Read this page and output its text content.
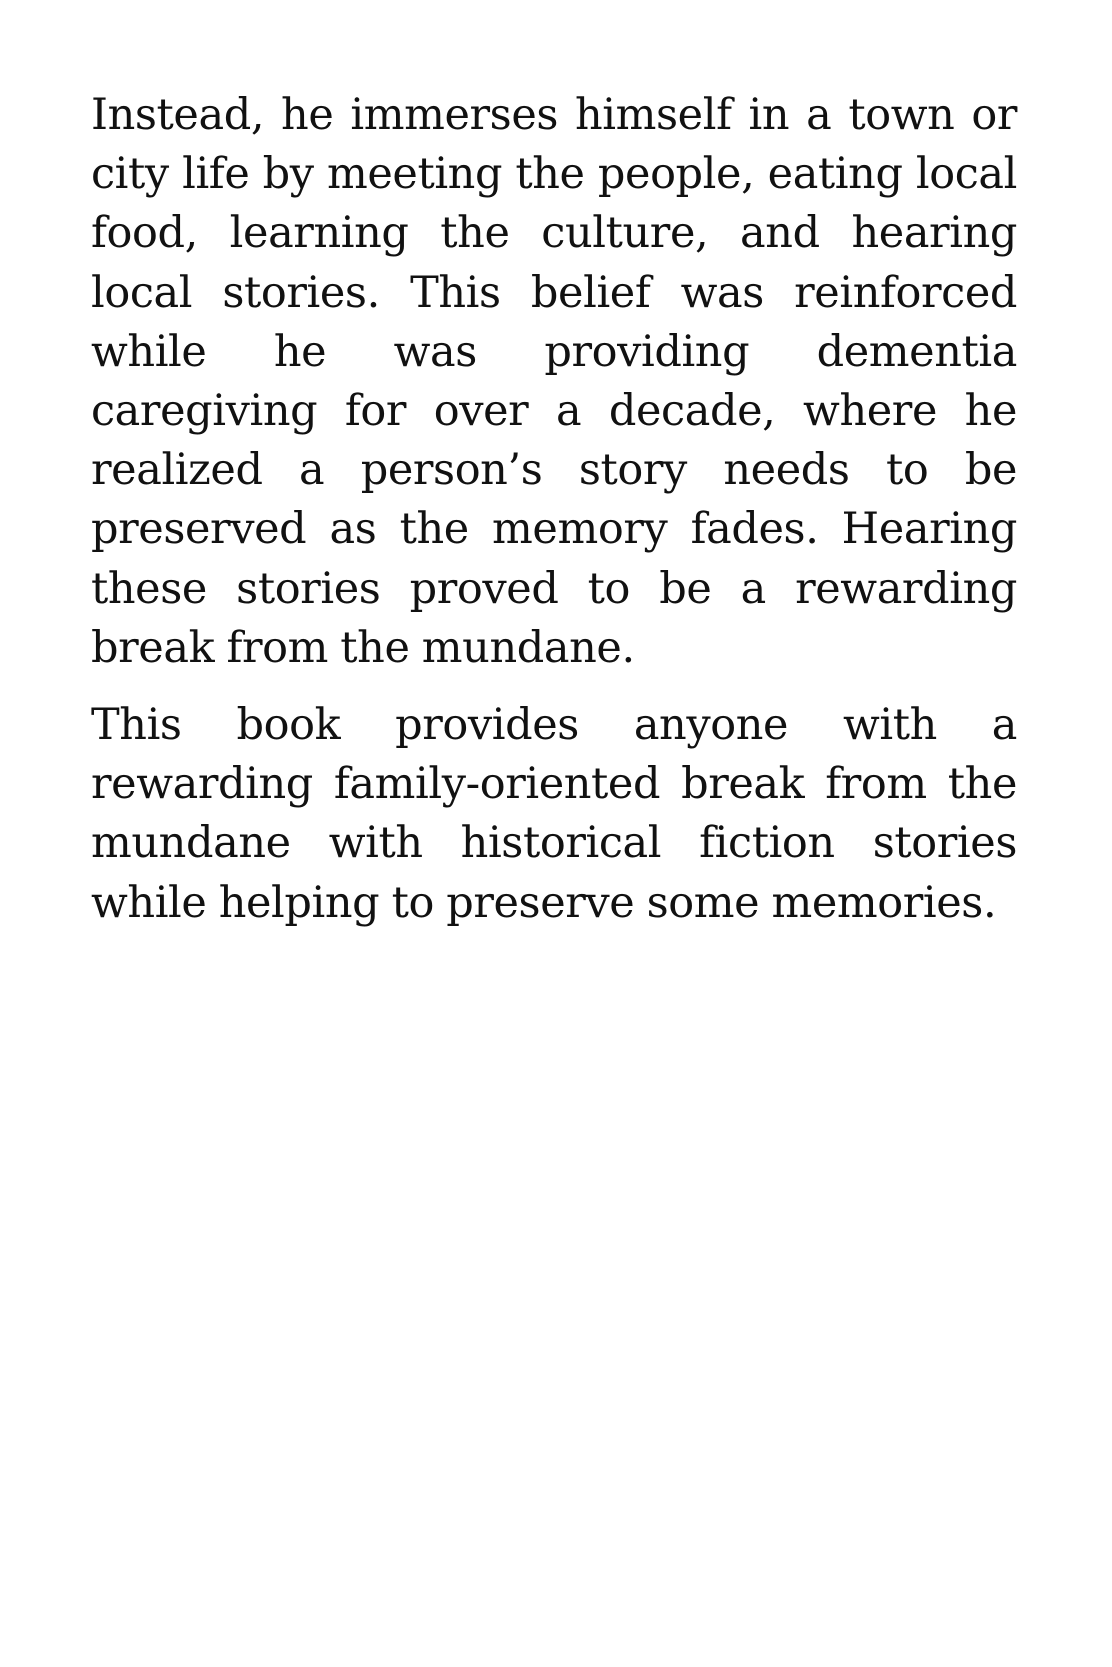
Instead, he immerses himself in a town or city life by meeting the people, eating local food, learning the culture, and hearing local stories. This belief was reinforced while he was providing dementia caregiving for over a decade, where he realized a person’s story needs to be preserved as the memory fades. Hearing these stories proved to be a rewarding break from the mundane.

This book provides anyone with a rewarding family-oriented break from the mundane with historical fiction stories while helping to preserve some memories.
